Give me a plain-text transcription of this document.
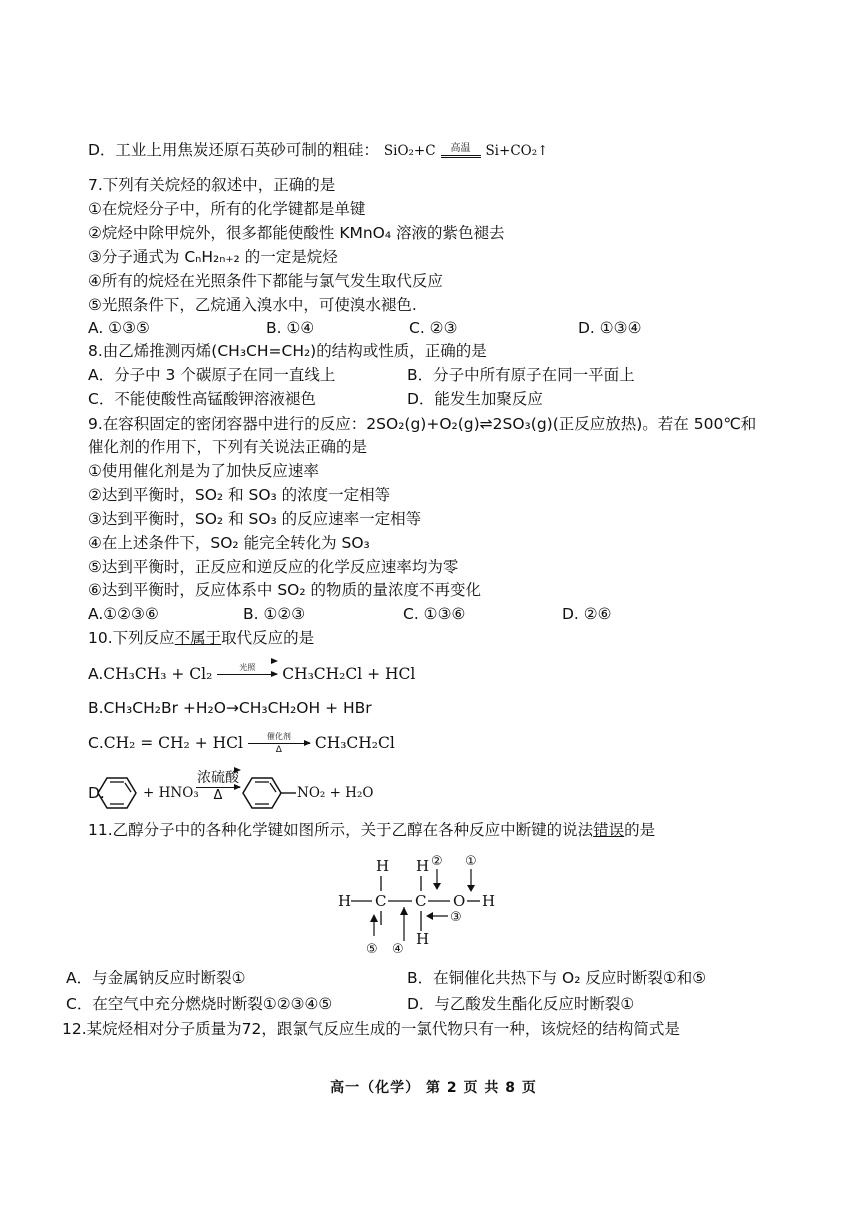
D．工业上用焦炭还原石英砂可制的粗硅： SiO₂+C	高温	Si+CO₂↑
7.下列有关烷烃的叙述中，正确的是
①在烷烃分子中，所有的化学键都是单键
②烷烃中除甲烷外，很多都能使酸性 KMnO₄ 溶液的紫色褪去
③分子通式为 CₙH₂ₙ₊₂ 的一定是烷烃
④所有的烷烃在光照条件下都能与氯气发生取代反应
⑤光照条件下，乙烷通入溴水中，可使溴水褪色.
A. ①③⑤	B. ①④	C. ②③	D. ①③④
8.由乙烯推测丙烯(CH₃CH=CH₂)的结构或性质，正确的是
A．分子中 3 个碳原子在同一直线上	B．分子中所有原子在同一平面上
C．不能使酸性高锰酸钾溶液褪色	D．能发生加聚反应
9.在容积固定的密闭容器中进行的反应：2SO₂(g)+O₂(g)⇌2SO₃(g)(正反应放热)。若在 500℃和
催化剂的作用下，下列有关说法正确的是
①使用催化剂是为了加快反应速率
②达到平衡时，SO₂ 和 SO₃ 的浓度一定相等
③达到平衡时，SO₂ 和 SO₃ 的反应速率一定相等
④在上述条件下，SO₂ 能完全转化为 SO₃
⑤达到平衡时，正反应和逆反应的化学反应速率均为零
⑥达到平衡时，反应体系中 SO₂ 的物质的量浓度不再变化
A.①②③⑥	B. ①②③	C. ①③⑥	D. ②⑥
10.下列反应不属于取代反应的是
A.CH₃CH₃ + Cl₂	光照
	CH₃CH₂Cl + HCl
B.CH₃CH₂Br +H₂O→CH₃CH₂OH + HBr
C.CH₂ = CH₂ + HCl	催化剂
Δ	CH₃CH₂Cl
D.	+ HNO₃
浓硫酸
Δ	NO₂ + H₂O
11.乙醇分子中的各种化学键如图所示，关于乙醇在各种反应中断键的说法错误的是
H H ② ①
H C C O H
③
H
⑤ ④
A．与金属钠反应时断裂①	B．在铜催化共热下与 O₂ 反应时断裂①和⑤
C．在空气中充分燃烧时断裂①②③④⑤	D．与乙酸发生酯化反应时断裂①
12.某烷烃相对分子质量为72，跟氯气反应生成的一氯代物只有一种，该烷烃的结构简式是
高一（化学） 第 2 页 共 8 页
